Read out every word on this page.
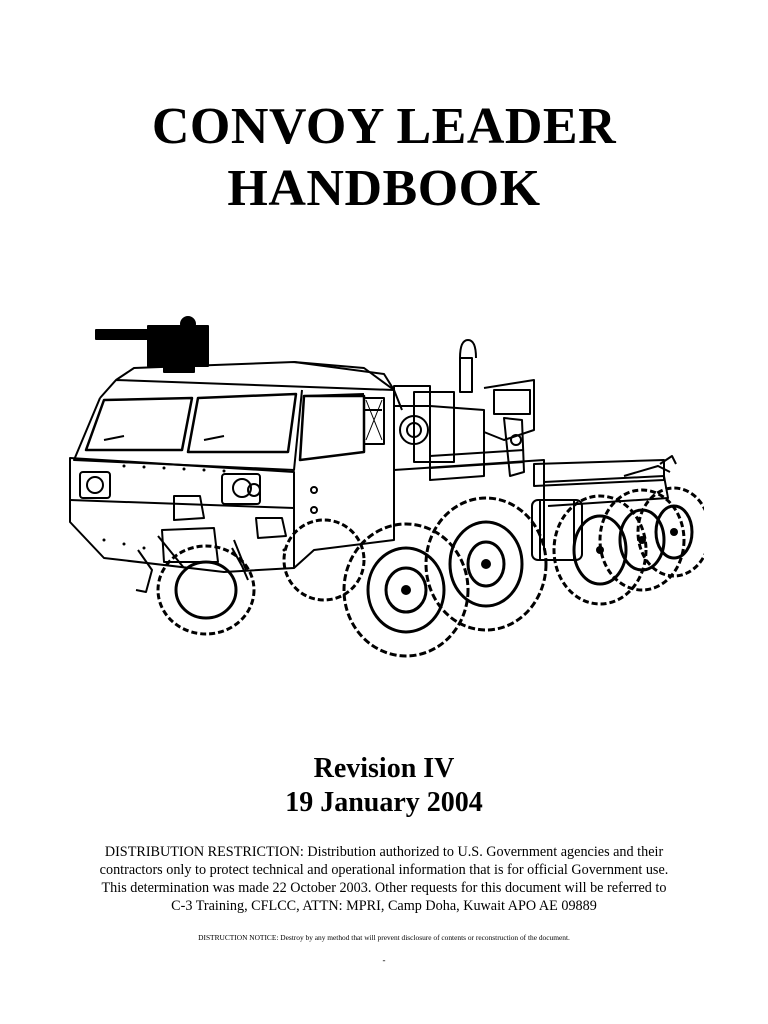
CONVOY LEADER
HANDBOOK
Revision IV
19 January 2004
DISTRIBUTION RESTRICTION: Distribution authorized to U.S. Government agencies and their
contractors only to protect technical and operational information that is for official Government use.
This determination was made 22 October 2003. Other requests for this document will be referred to
C-3 Training, CFLCC, ATTN: MPRI, Camp Doha, Kuwait APO AE 09889
DISTRUCTION NOTICE: Destroy by any method that will prevent disclosure of contents or reconstruction of the document.
-
